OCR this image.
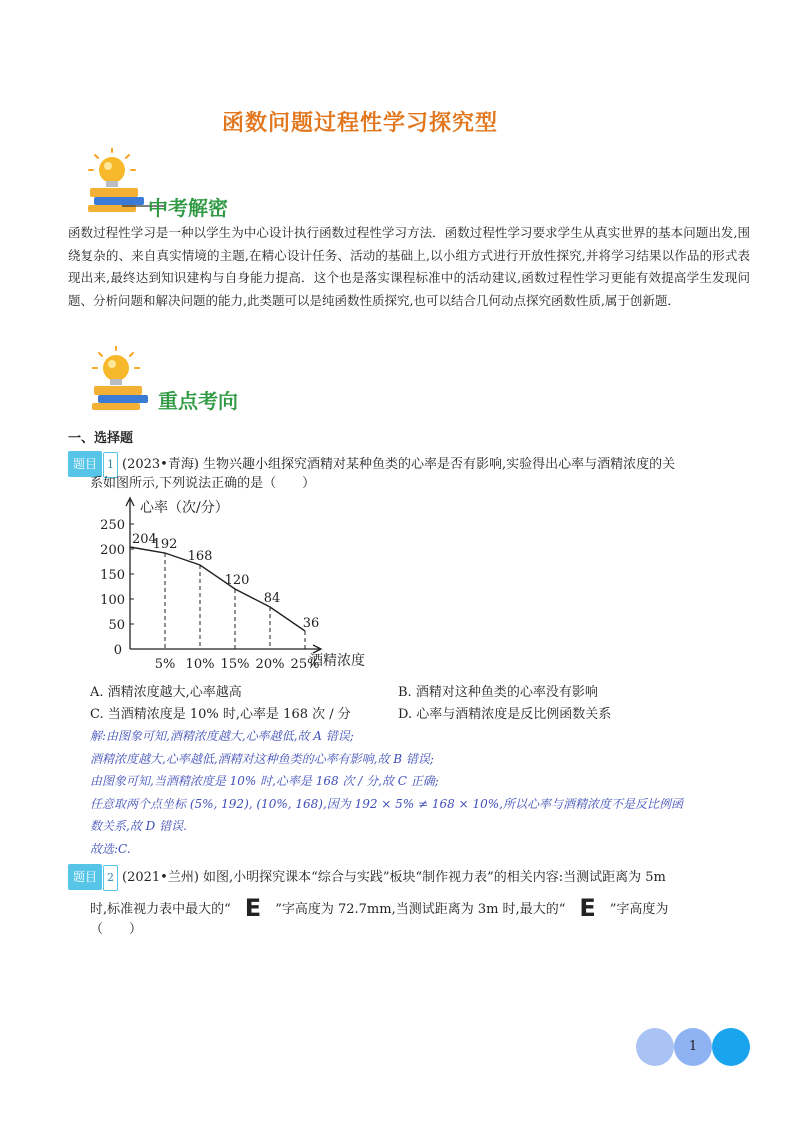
函数问题过程性学习探究型
中考解密
函数过程性学习是一种以学生为中心设计执行函数过程性学习方法．函数过程性学习要求学生从真实世界的基本问题出发,围绕复杂的、来自真实情境的主题,在精心设计任务、活动的基础上,以小组方式进行开放性探究,并将学习结果以作品的形式表现出来,最终达到知识建构与自身能力提高．这个也是落实课程标准中的活动建议,函数过程性学习更能有效提高学生发现问题、分析问题和解决问题的能力,此类题可以是纯函数性质探究,也可以结合几何动点探究函数性质,属于创新题．
重点考向
一、选择题
题目 1 (2023•青海) 生物兴趣小组探究酒精对某种鱼类的心率是否有影响,实验得出心率与酒精浓度的关
系如图所示,下列说法正确的是（　　）
心率（次/分）
酒精浓度
50
100
150
200
250
0
5% 10% 15% 20% 25%
204
192
168
120
84
36
A. 酒精浓度越大,心率越高	B. 酒精对这种鱼类的心率没有影响
C. 当酒精浓度是 10% 时,心率是 168 次 / 分	D. 心率与酒精浓度是反比例函数关系
解:由图象可知,酒精浓度越大,心率越低,故 A 错误;
酒精浓度越大,心率越低,酒精对这种鱼类的心率有影响,故 B 错误;
由图象可知,当酒精浓度是 10% 时,心率是 168 次 / 分,故 C 正确;
任意取两个点坐标 (5%, 192), (10%, 168),因为 192 × 5% ≠ 168 × 10%,所以心率与酒精浓度不是反比例函
数关系,故 D 错误.
故选:C.
题目 2 (2021•兰州) 如图,小明探究课本“综合与实践”板块“制作视力表”的相关内容:当测试距离为 5m
时,标准视力表中最大的“ E ”字高度为 72.7mm,当测试距离为 3m 时,最大的“ E ”字高度为
（　　）
1
